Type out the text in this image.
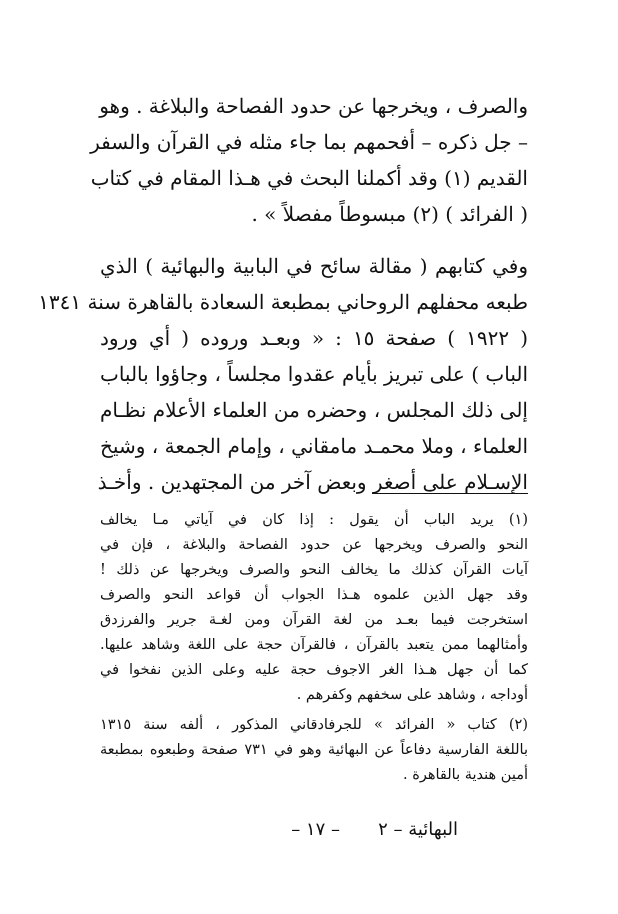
والصرف ، ويخرجها عن حدود الفصاحة والبلاغة . وهو
– جل ذكره – أفحمهم بما جاء مثله في القرآن والسفر
القديم (١) وقد أكملنا البحث في هـذا المقام في كتاب
( الفرائد ) (٢) مبسوطاً مفصلاً » .
وفي كتابهم ( مقالة سائح في البابية والبهائية ) الذي
طبعه محفلهم الروحاني بمطبعة السعادة بالقاهرة سنة ١٣٤١
( ١٩٢٢ ) صفحة ١٥ : « وبعـد وروده ( أي ورود
الباب ) على تبريز بأيام عقدوا مجلساً ، وجاؤوا بالباب
إلى ذلك المجلس ، وحضره من العلماء الأعلام نظـام
العلماء ، وملا محمـد مامقاني ، وإمام الجمعة ، وشيخ
الإسـلام على أصغر وبعض آخر من المجتهدين . وأخـذ
(١) يريد الباب أن يقول : إذا كان في آياتي مـا يخالف
النحو والصرف ويخرجها عن حدود الفصاحة والبلاغة ، فإن في
آيات القرآن كذلك ما يخالف النحو والصرف ويخرجها عن ذلك !
وقد جهل الذين علموه هـذا الجواب أن قواعد النحو والصرف
استخرجت فيما بعـد من لغة القرآن ومن لغـة جرير والفرزدق
وأمثالهما ممن يتعبد بالقرآن ، فالقرآن حجة على اللغة وشاهد عليها.
كما أن جهل هـذا الغر الاجوف حجة عليه وعلى الذين نفخوا في
أوداجه ، وشاهد على سخفهم وكفرهم .
(٢) كتاب « الفرائد » للجرفادقاني المذكور ، ألفه سنة ١٣١٥
باللغة الفارسية دفاعاً عن البهائية وهو في ٧٣١ صفحة وطبعوه بمطبعة
أمين هندية بالقاهرة .
البهائية – ٢
– ١٧ –
